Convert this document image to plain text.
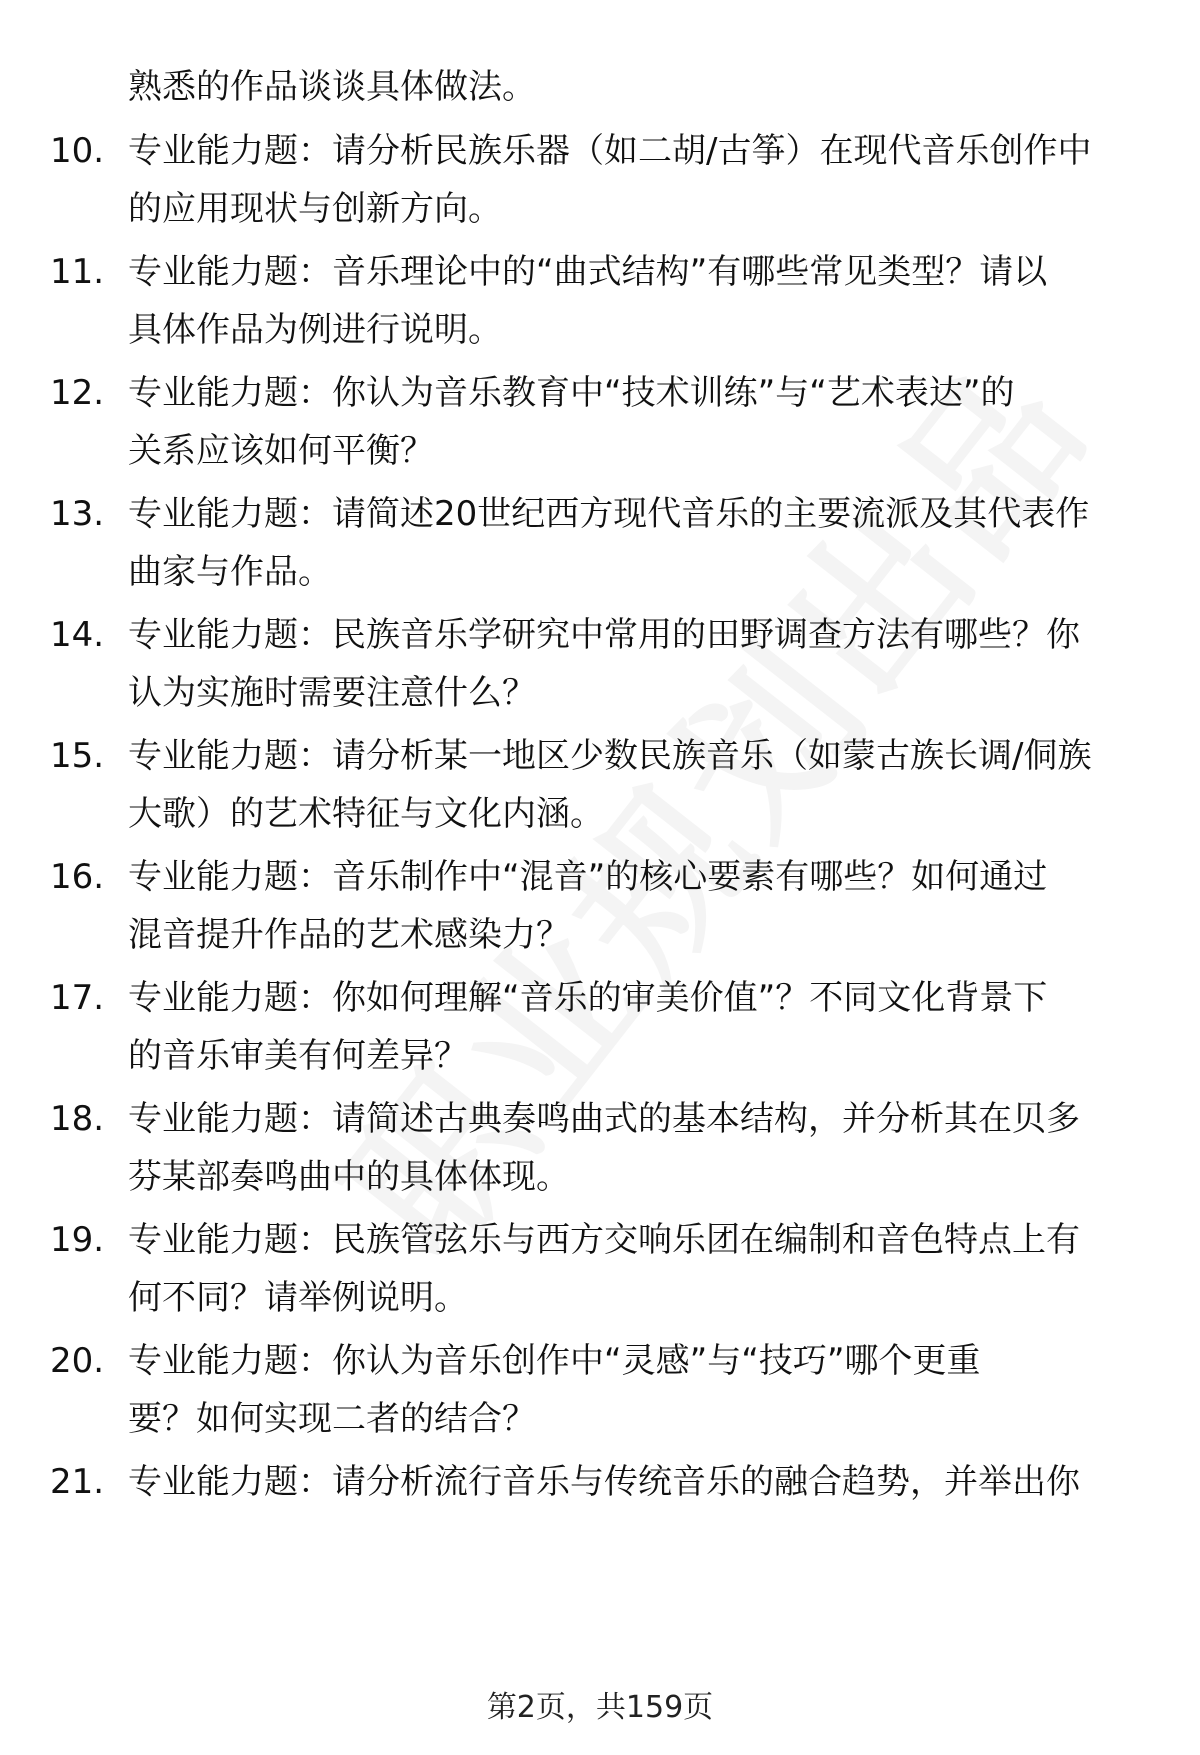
熟悉的作品谈谈具体做法。
10. 专业能力题：请分析民族乐器（如二胡/古筝）在现代音乐创作中
的应用现状与创新方向。
11. 专业能力题：音乐理论中的“曲式结构”有哪些常见类型？请以
具体作品为例进行说明。
12. 专业能力题：你认为音乐教育中“技术训练”与“艺术表达”的
关系应该如何平衡？
13. 专业能力题：请简述20世纪西方现代音乐的主要流派及其代表作
曲家与作品。
14. 专业能力题：民族音乐学研究中常用的田野调查方法有哪些？你
认为实施时需要注意什么？
15. 专业能力题：请分析某一地区少数民族音乐（如蒙古族长调/侗族
大歌）的艺术特征与文化内涵。
16. 专业能力题：音乐制作中“混音”的核心要素有哪些？如何通过
混音提升作品的艺术感染力？
17. 专业能力题：你如何理解“音乐的审美价值”？不同文化背景下
的音乐审美有何差异？
18. 专业能力题：请简述古典奏鸣曲式的基本结构，并分析其在贝多
芬某部奏鸣曲中的具体体现。
19. 专业能力题：民族管弦乐与西方交响乐团在编制和音色特点上有
何不同？请举例说明。
20. 专业能力题：你认为音乐创作中“灵感”与“技巧”哪个更重
要？如何实现二者的结合？
21. 专业能力题：请分析流行音乐与传统音乐的融合趋势，并举出你
第2页，共159页
